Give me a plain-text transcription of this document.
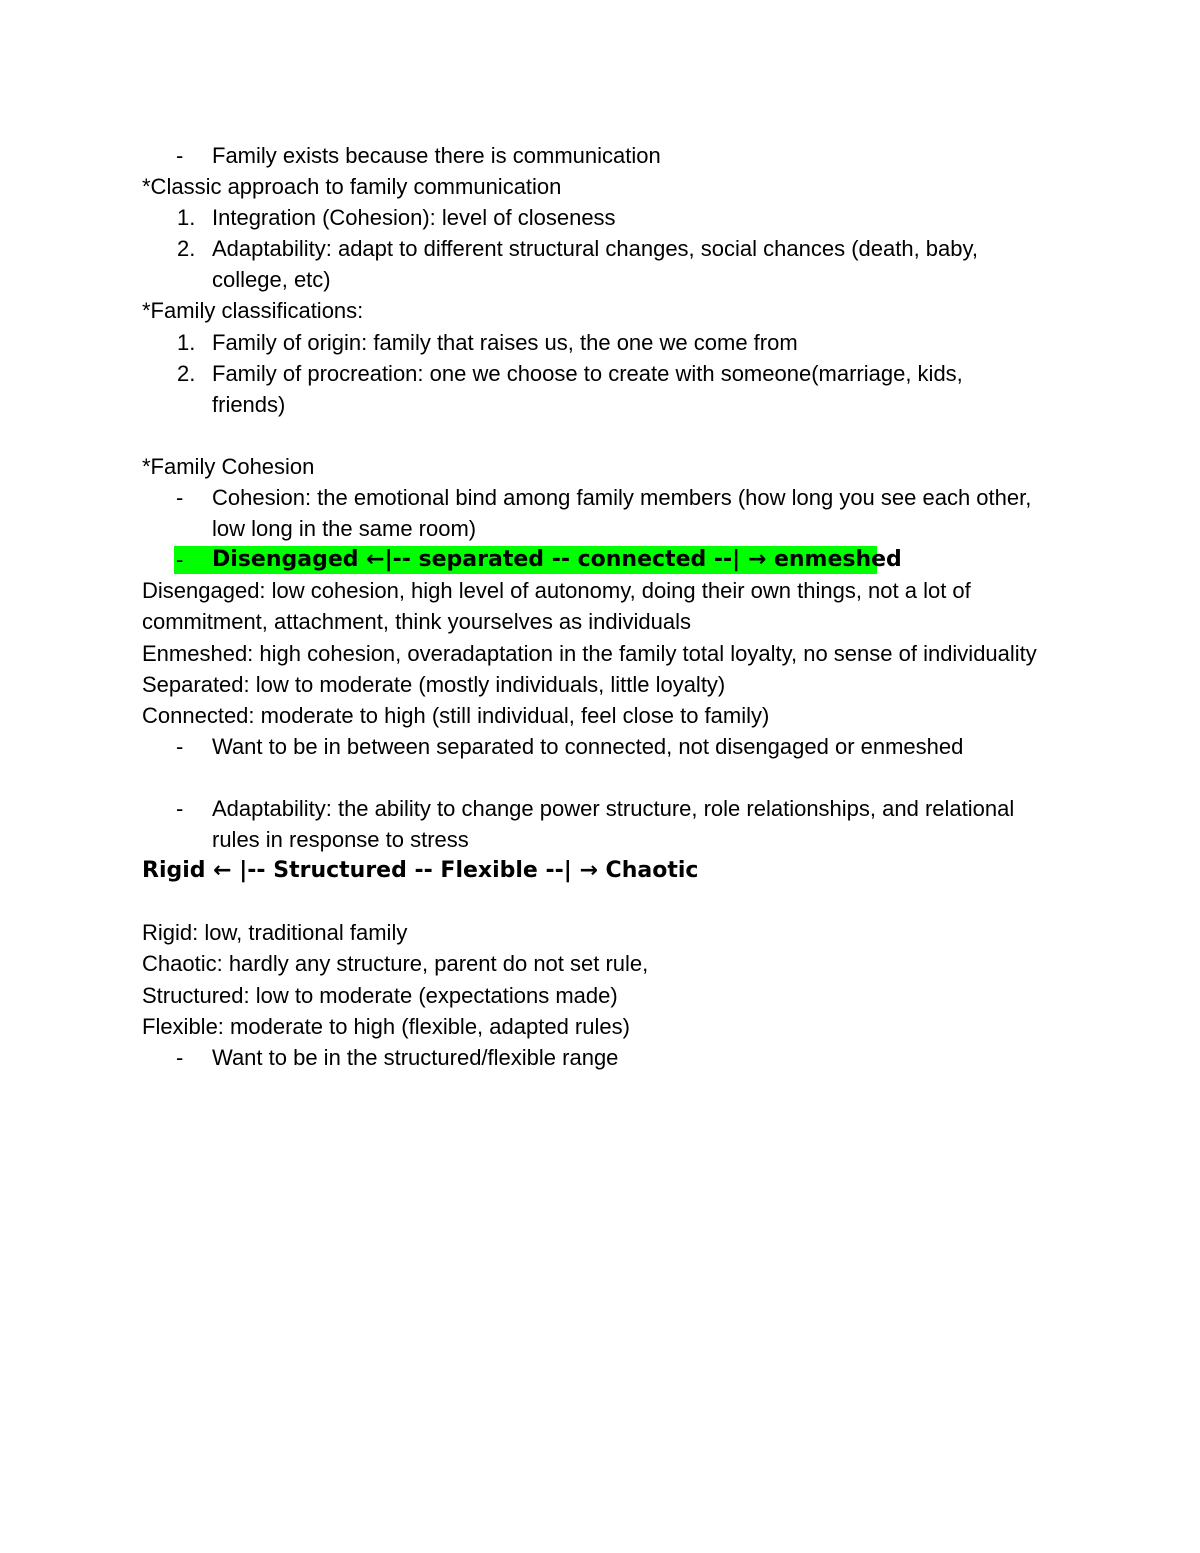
- Family exists because there is communication
*Classic approach to family communication
1. Integration (Cohesion): level of closeness
2. Adaptability: adapt to different structural changes, social chances (death, baby, college, etc)
*Family classifications:
1. Family of origin: family that raises us, the one we come from
2. Family of procreation: one we choose to create with someone(marriage, kids, friends)
*Family Cohesion
- Cohesion: the emotional bind among family members (how long you see each other, low long in the same room)
- Disengaged ←|-- separated -- connected --| → enmeshed
Disengaged: low cohesion, high level of autonomy, doing their own things, not a lot of commitment, attachment, think yourselves as individuals
Enmeshed: high cohesion, overadaptation in the family total loyalty, no sense of individuality
Separated: low to moderate (mostly individuals, little loyalty)
Connected: moderate to high (still individual, feel close to family)
- Want to be in between separated to connected, not disengaged or enmeshed
- Adaptability: the ability to change power structure, role relationships, and relational rules in response to stress
Rigid ← |-- Structured -- Flexible --| → Chaotic
Rigid: low, traditional family
Chaotic: hardly any structure, parent do not set rule,
Structured: low to moderate (expectations made)
Flexible: moderate to high (flexible, adapted rules)
- Want to be in the structured/flexible range
